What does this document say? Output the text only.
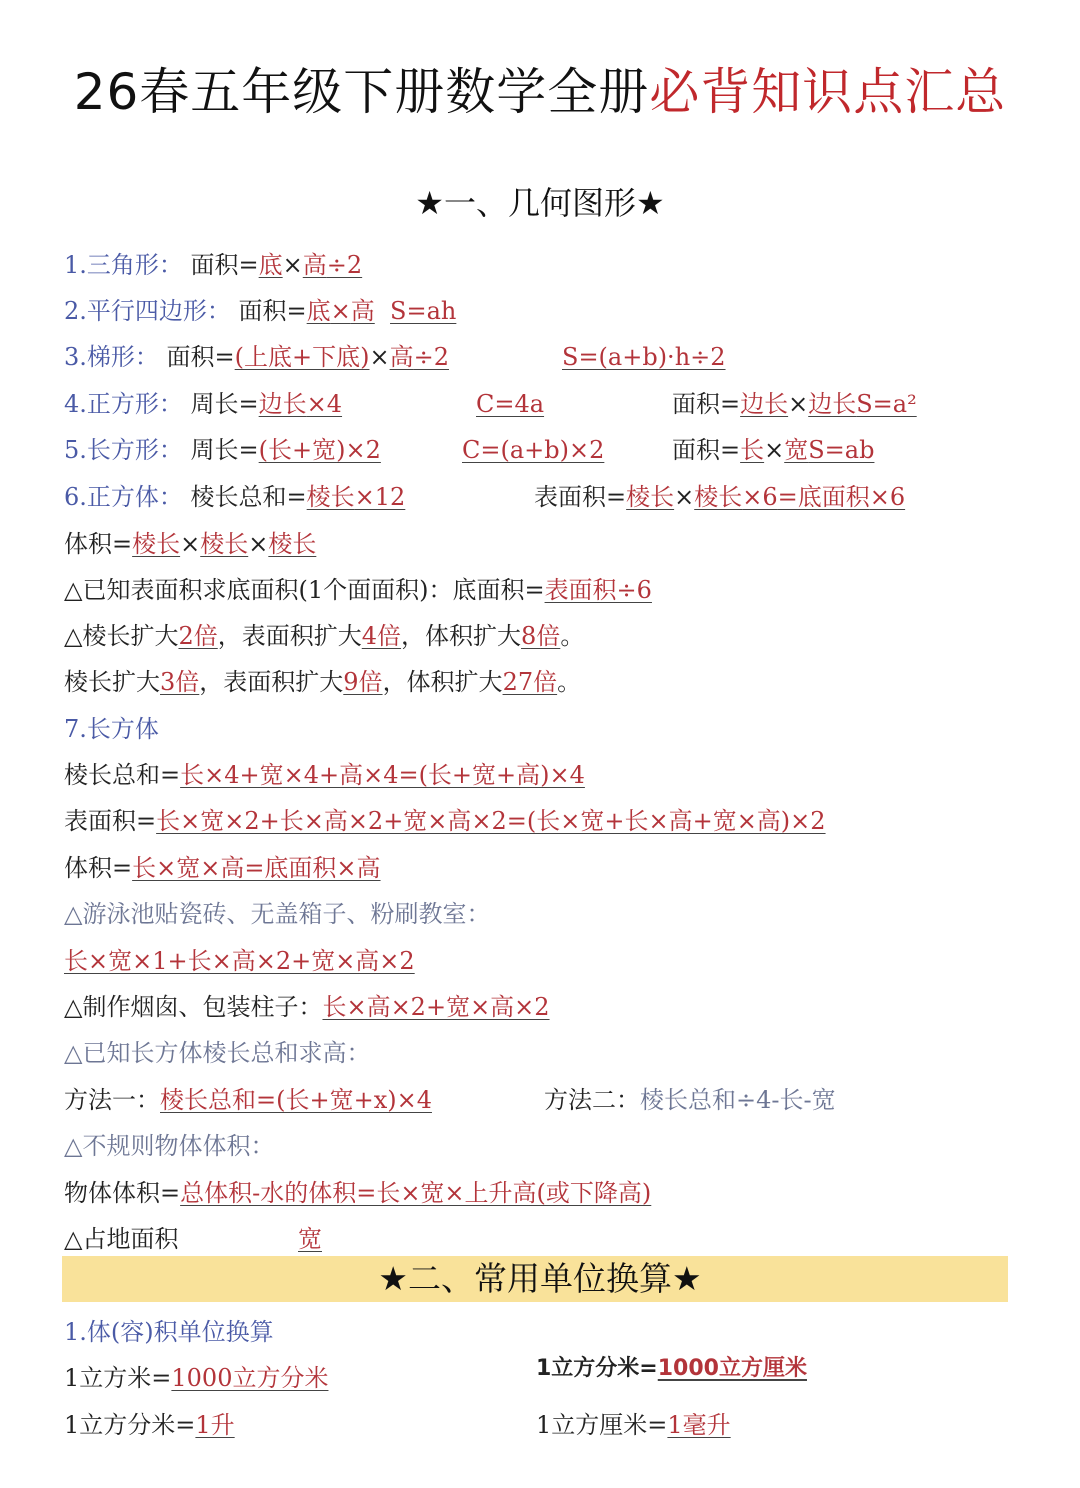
26春五年级下册数学全册必背知识点汇总
★一、几何图形★
1.三角形： 面积=底×高÷2
2.平行四边形： 面积=底×高 S=ah
3.梯形： 面积=(上底+下底)×高÷2	S=(a+b)·h÷2
4.正方形： 周长=边长×4	C=4a	面积=边长×边长S=a²
5.长方形： 周长=(长+宽)×2	C=(a+b)×2	面积=长×宽S=ab
6.正方体： 棱长总和=棱长×12	表面积=棱长×棱长×6=底面积×6
体积=棱长×棱长×棱长
△已知表面积求底面积(1个面面积)：底面积=表面积÷6
△棱长扩大2倍，表面积扩大4倍，体积扩大8倍。
棱长扩大3倍，表面积扩大9倍，体积扩大27倍。
7.长方体
棱长总和=长×4+宽×4+高×4=(长+宽+高)×4
表面积=长×宽×2+长×高×2+宽×高×2=(长×宽+长×高+宽×高)×2
体积=长×宽×高=底面积×高
△游泳池贴瓷砖、无盖箱子、粉刷教室：
长×宽×1+长×高×2+宽×高×2
△制作烟囱、包装柱子：长×高×2+宽×高×2
△已知长方体棱长总和求高：
方法一：棱长总和=(长+宽+x)×4	方法二：棱长总和÷4-长-宽
△不规则物体体积：
物体体积=总体积-水的体积=长×宽×上升高(或下降高)
△占地面积	宽
★二、常用单位换算★
1.体(容)积单位换算
1立方米=1000立方分米	1立方分米=1000立方厘米
1立方分米=1升	1立方厘米=1毫升
